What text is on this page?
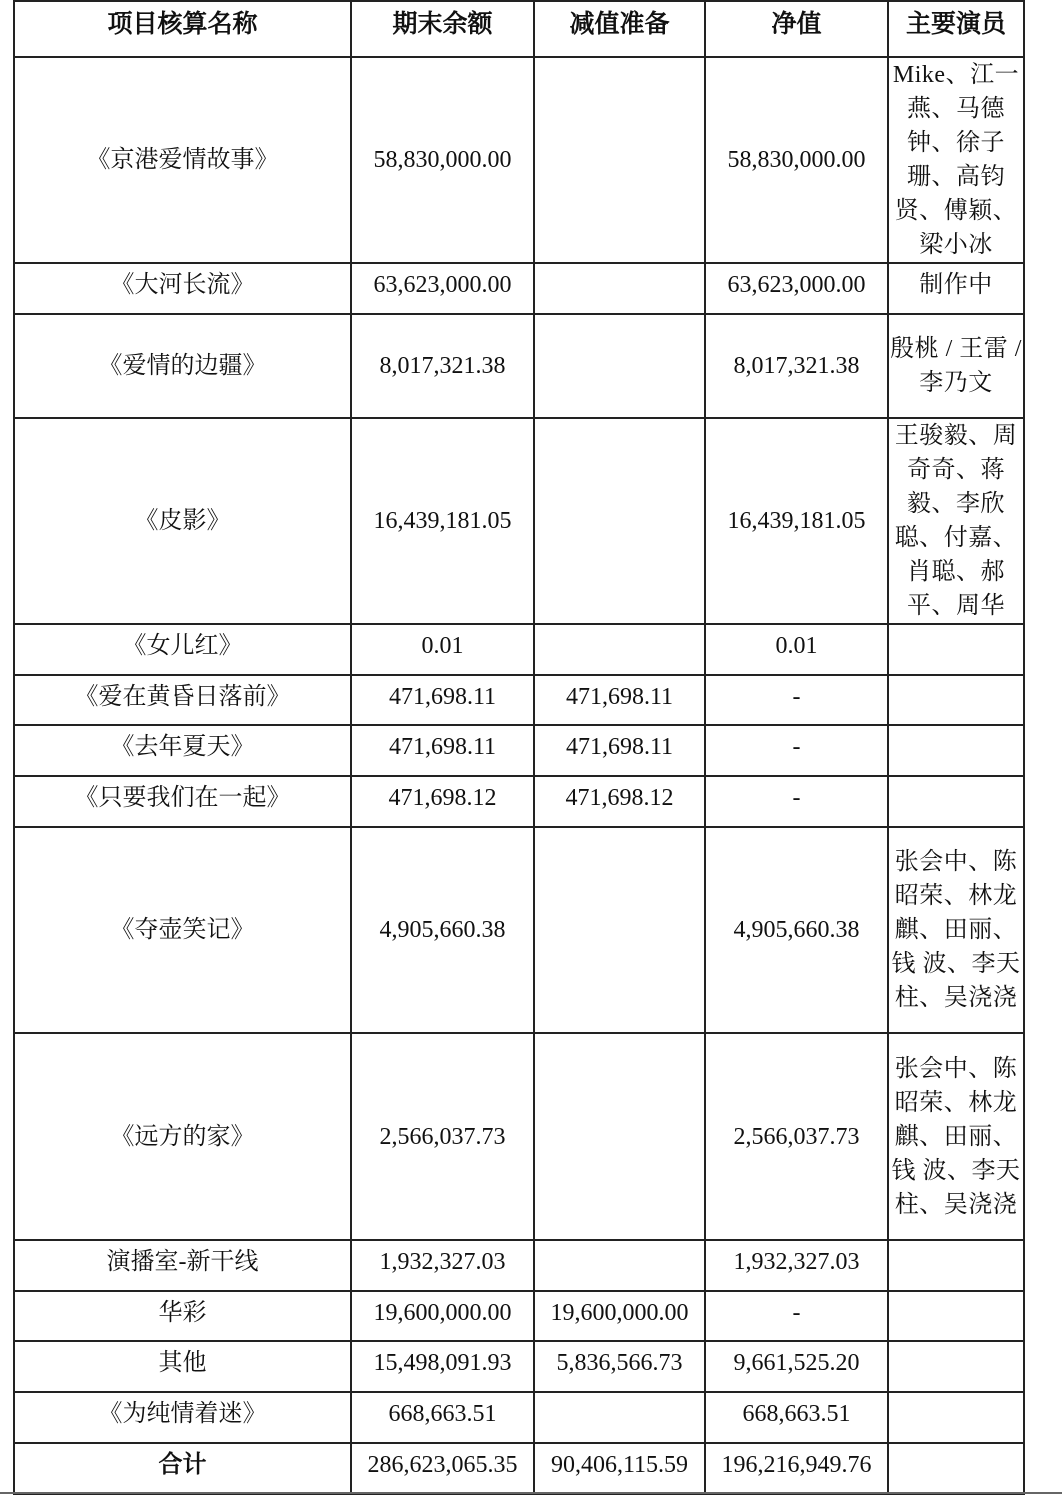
项目核算名称	期末余额	减值准备	净值	主要演员
《京港爱情故事》	58,830,000.00		58,830,000.00	Mike、江一燕、马德钟、徐子珊、高钧贤、傅颖、梁小冰
《大河长流》	63,623,000.00		63,623,000.00	制作中
《爱情的边疆》	8,017,321.38		8,017,321.38	殷桃 / 王雷 / 李乃文
《皮影》	16,439,181.05		16,439,181.05	王骏毅、周奇奇、蒋毅、李欣聪、付嘉、肖聪、郝平、周华
《女儿红》	0.01		0.01	
《爱在黄昏日落前》	471,698.11	471,698.11	-	
《去年夏天》	471,698.11	471,698.11	-	
《只要我们在一起》	471,698.12	471,698.12	-	
《夺壶笑记》	4,905,660.38		4,905,660.38	张会中、陈昭荣、林龙麒、田丽、钱 波、李天柱、吴浇浇
《远方的家》	2,566,037.73		2,566,037.73	张会中、陈昭荣、林龙麒、田丽、钱 波、李天柱、吴浇浇
演播室-新干线	1,932,327.03		1,932,327.03	
华彩	19,600,000.00	19,600,000.00	-	
其他	15,498,091.93	5,836,566.73	9,661,525.20	
《为纯情着迷》	668,663.51		668,663.51	
合计	286,623,065.35	90,406,115.59	196,216,949.76	
